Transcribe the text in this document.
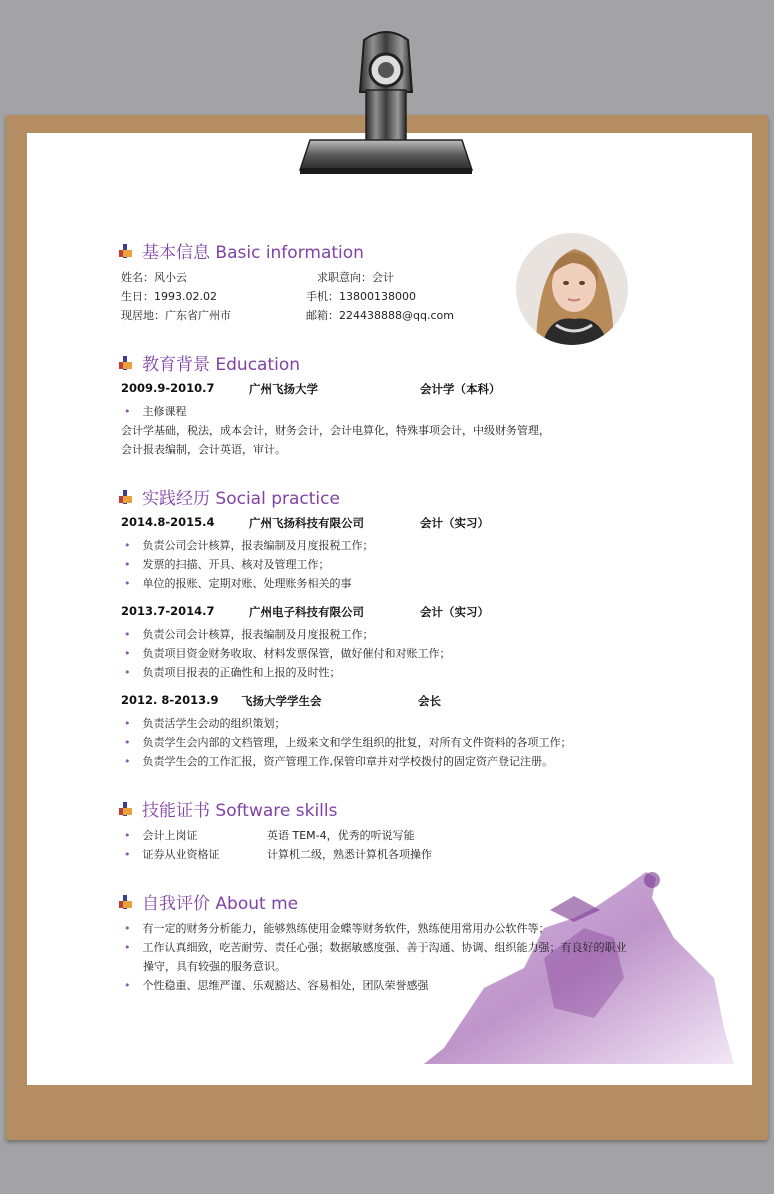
基本信息 Basic information
姓名：风小云	求职意向：会计
生日：1993.02.02	手机：13800138000
现居地：广东省广州市	邮箱：224438888@qq.com
教育背景 Education
2009.9-2010.7	广州飞扬大学	会计学（本科）
• 主修课程
会计学基础，税法，成本会计，财务会计，会计电算化，特殊事项会计，中级财务管理，
会计报表编制，会计英语，审计。
实践经历 Social practice
2014.8-2015.4	广州飞扬科技有限公司	会计（实习）
• 负责公司会计核算，报表编制及月度报税工作；
• 发票的扫描、开具、核对及管理工作；
• 单位的报账、定期对账、处理账务相关的事
2013.7-2014.7	广州电子科技有限公司	会计（实习）
• 负责公司会计核算，报表编制及月度报税工作；
• 负责项目资金财务收取、材料发票保管，做好催付和对账工作；
• 负责项目报表的正确性和上报的及时性；
2012. 8-2013.9 飞扬大学学生会	会长
• 负责活学生会动的组织策划；
• 负责学生会内部的文档管理，上级来文和学生组织的批复，对所有文件资料的各项工作；
• 负责学生会的工作汇报，资产管理工作,保管印章并对学校拨付的固定资产登记注册。
技能证书 Software skills
• 会计上岗证	英语 TEM-4，优秀的听说写能
• 证券从业资格证	计算机二级，熟悉计算机各项操作
自我评价 About me
• 有一定的财务分析能力，能够熟练使用金蝶等财务软件，熟练使用常用办公软件等；
• 工作认真细致，吃苦耐劳、责任心强；数据敏感度强、善于沟通、协调、组织能力强；有良好的职业
操守，具有较强的服务意识。
• 个性稳重、思维严谨、乐观豁达、容易相处，团队荣誉感强
